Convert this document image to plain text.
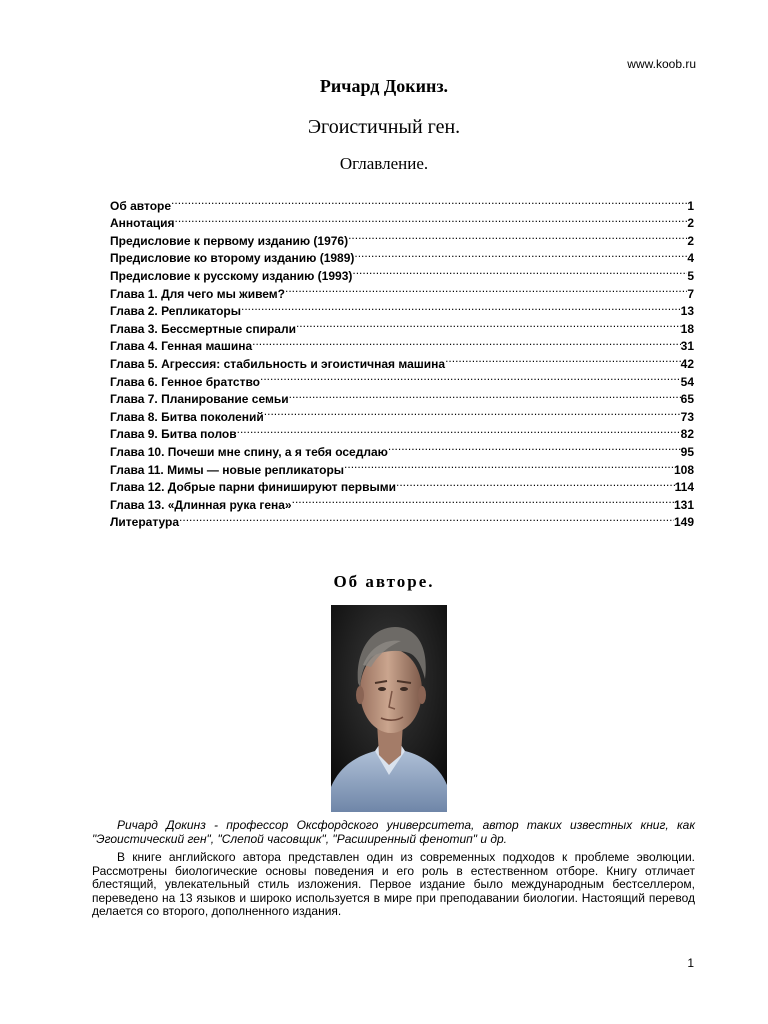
www.koob.ru
Ричард Докинз.
Эгоистичный ген.
Оглавление.
Об авторе .....	1
Аннотация .....	2
Предисловие к первому изданию (1976) .....	2
Предисловие ко второму изданию (1989) .....	4
Предисловие к русскому изданию (1993) .....	5
Глава 1. Для чего мы живем? .....	7
Глава 2. Репликаторы .....	13
Глава 3. Бессмертные спирали .....	18
Глава 4. Генная машина .....	31
Глава 5. Агрессия: стабильность и эгоистичная машина .....	42
Глава 6. Генное братство .....	54
Глава 7. Планирование семьи .....	65
Глава 8. Битва поколений .....	73
Глава 9. Битва полов .....	82
Глава 10. Почеши мне спину, а я тебя оседлаю .....	95
Глава 11. Мимы — новые репликаторы .....	108
Глава 12. Добрые парни финишируют первыми .....	114
Глава 13. «Длинная рука гена» .....	131
Литература .....	149
Об авторе.

Ричард Докинз - профессор Оксфордского университета, автор таких известных книг, как "Эгоистический ген", "Слепой часовщик", "Расширенный фенотип" и др.

В книге английского автора представлен один из современных подходов к проблеме эволюции. Рассмотрены биологические основы поведения и его роль в естественном отборе. Книгу отличает блестящий, увлекательный стиль изложения. Первое издание было международным бестселлером, переведено на 13 языков и широко используется в мире при преподавании биологии. Настоящий перевод делается со второго, дополненного издания.

1
